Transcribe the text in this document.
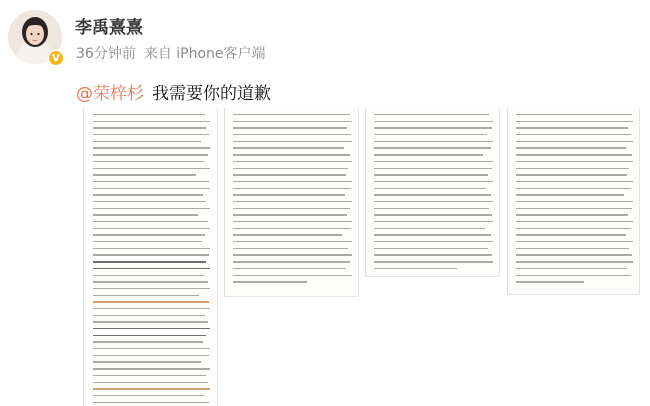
V
李禹熹熹
36分钟前 来自 iPhone客户端
@荣梓杉 我需要你的道歉
